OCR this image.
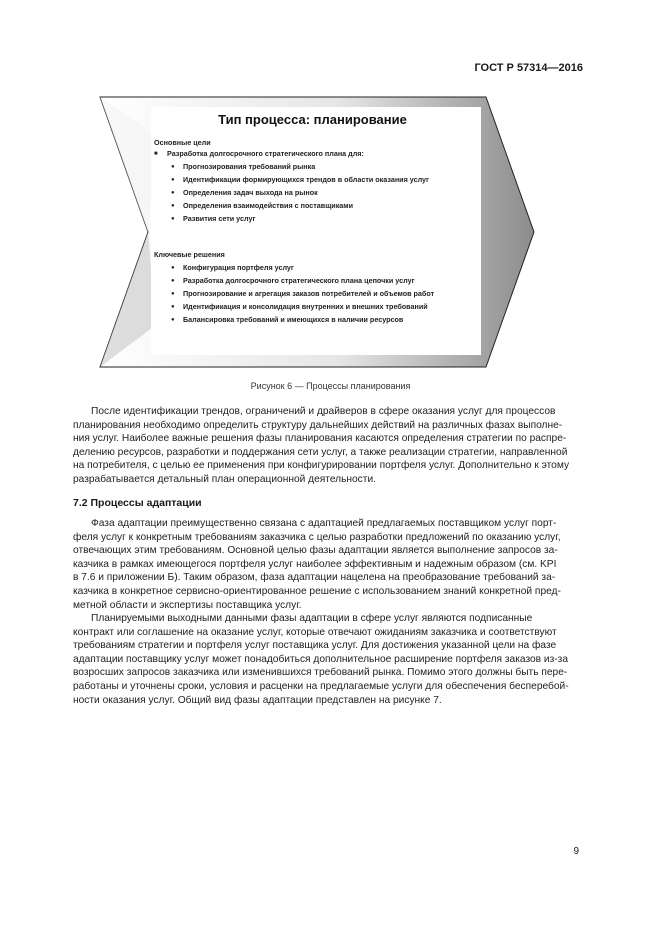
ГОСТ Р 57314—2016
Тип процесса: планирование
Основные цели
■ Разработка долгосрочного стратегического плана для:
● Прогнозирования требований рынка
● Идентификации формирующихся трендов в области оказания услуг
● Определения задач выхода на рынок
● Определения взаимодействия с поставщиками
● Развития сети услуг
Ключевые решения
● Конфигурация портфеля услуг
● Разработка долгосрочного стратегического плана цепочки услуг
● Прогнозирование и агрегация заказов потребителей и объемов работ
● Идентификация и консолидация внутренних и внешних требований
● Балансировка требований и имеющихся в наличии ресурсов
Рисунок 6 — Процессы планирования
После идентификации трендов, ограничений и драйверов в сфере оказания услуг для процессов
планирования необходимо определить структуру дальнейших действий на различных фазах выполне-
ния услуг. Наиболее важные решения фазы планирования касаются определения стратегии по распре-
делению ресурсов, разработки и поддержания сети услуг, а также реализации стратегии, направленной
на потребителя, с целью ее применения при конфигурировании портфеля услуг. Дополнительно к этому
разрабатывается детальный план операционной деятельности.
7.2 Процессы адаптации
Фаза адаптации преимущественно связана с адаптацией предлагаемых поставщиком услуг порт-
феля услуг к конкретным требованиям заказчика с целью разработки предложений по оказанию услуг,
отвечающих этим требованиям. Основной целью фазы адаптации является выполнение запросов за-
казчика в рамках имеющегося портфеля услуг наиболее эффективным и надежным образом (см. KPI
в 7.6 и приложении Б). Таким образом, фаза адаптации нацелена на преобразование требований за-
казчика в конкретное сервисно-ориентированное решение с использованием знаний конкретной пред-
метной области и экспертизы поставщика услуг.
Планируемыми выходными данными фазы адаптации в сфере услуг являются подписанные
контракт или соглашение на оказание услуг, которые отвечают ожиданиям заказчика и соответствуют
требованиям стратегии и портфеля услуг поставщика услуг. Для достижения указанной цели на фазе
адаптации поставщику услуг может понадобиться дополнительное расширение портфеля заказов из-за
возросших запросов заказчика или изменившихся требований рынка. Помимо этого должны быть пере-
работаны и уточнены сроки, условия и расценки на предлагаемые услуги для обеспечения бесперебой-
ности оказания услуг. Общий вид фазы адаптации представлен на рисунке 7.
9
